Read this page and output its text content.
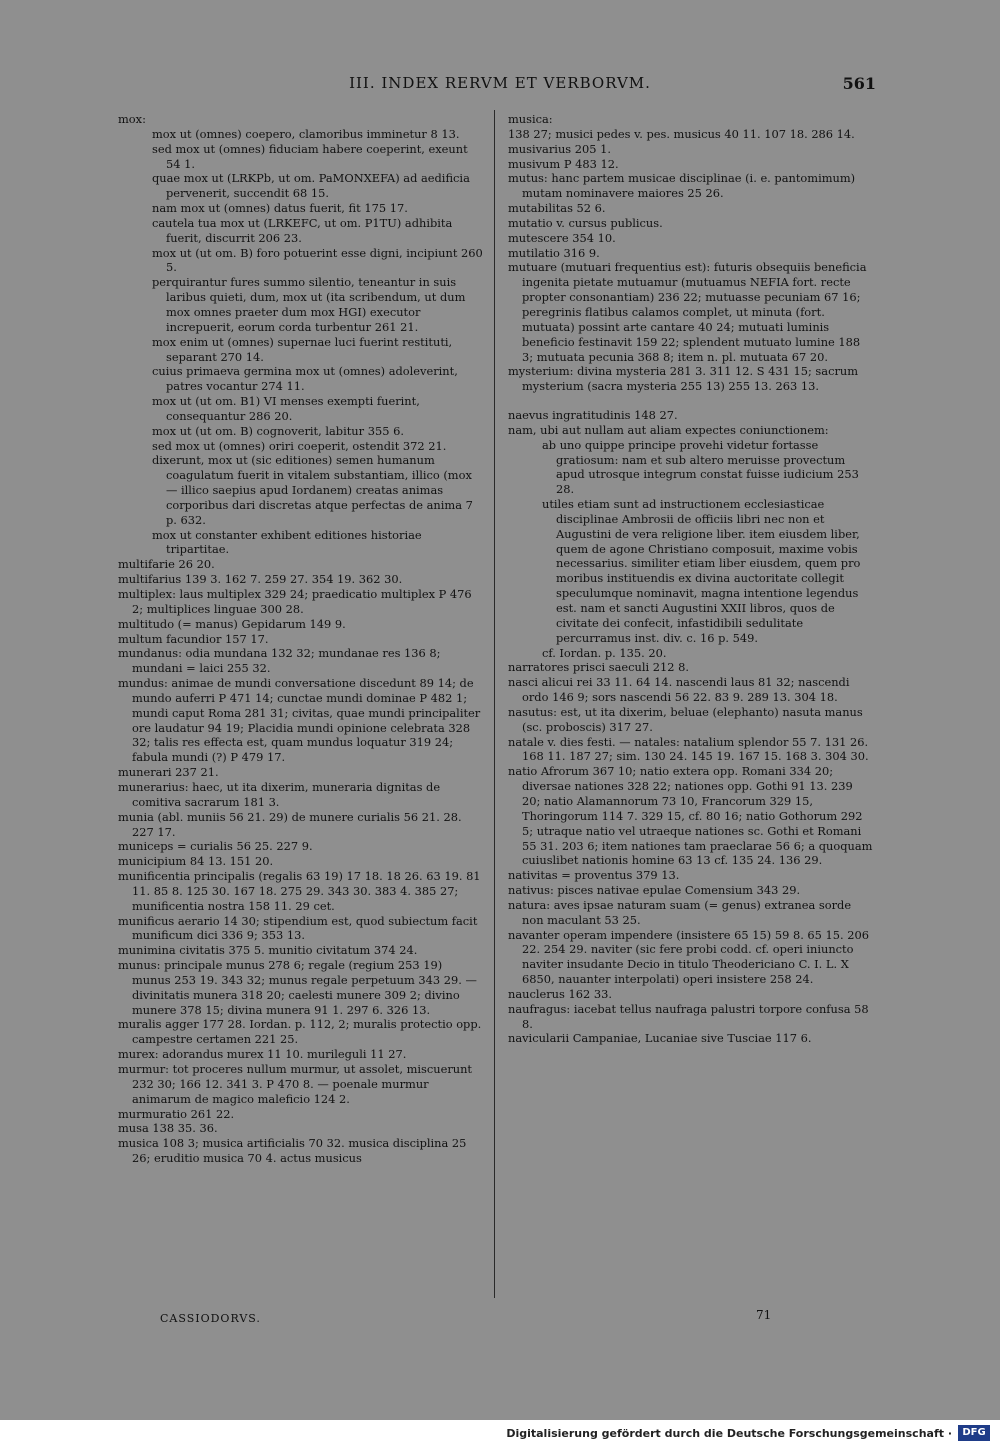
III. INDEX RERVM ET VERBORVM.	561
mox:
mox ut (omnes) coepero, clamoribus imminetur 8 13.
sed mox ut (omnes) fiduciam habere coeperint, exeunt 54 1.
quae mox ut (LRKPb, ut om. PaMONXEFA) ad aedificia pervenerit, succendit 68 15.
nam mox ut (omnes) datus fuerit, fit 175 17.
cautela tua mox ut (LRKEFC, ut om. P1TU) adhibita fuerit, discurrit 206 23.
mox ut (ut om. B) foro potuerint esse digni, incipiunt 260 5.
perquirantur fures summo silentio, teneantur in suis laribus quieti, dum, mox ut (ita scribendum, ut dum mox omnes praeter dum mox HGI) executor increpuerit, eorum corda turbentur 261 21.
mox enim ut (omnes) supernae luci fuerint restituti, separant 270 14.
cuius primaeva germina mox ut (omnes) adoleverint, patres vocantur 274 11.
mox ut (ut om. B1) VI menses exempti fuerint, consequantur 286 20.
mox ut (ut om. B) cognoverit, labitur 355 6.
sed mox ut (omnes) oriri coeperit, ostendit 372 21.
dixerunt, mox ut (sic editiones) semen humanum coagulatum fuerit in vitalem substantiam, illico (mox — illico saepius apud Iordanem) creatas animas corporibus dari discretas atque perfectas de anima 7 p. 632.
mox ut constanter exhibent editiones historiae tripartitae.
multifarie 26 20.
multifarius 139 3. 162 7. 259 27. 354 19. 362 30.
multiplex: laus multiplex 329 24; praedicatio multiplex P 476 2; multiplices linguae 300 28.
multitudo (= manus) Gepidarum 149 9.
multum facundior 157 17.
mundanus: odia mundana 132 32; mundanae res 136 8; mundani = laici 255 32.
mundus: animae de mundi conversatione discedunt 89 14; de mundo auferri P 471 14; cunctae mundi dominae P 482 1; mundi caput Roma 281 31; civitas, quae mundi principaliter ore laudatur 94 19; Placidia mundi opinione celebrata 328 32; talis res effecta est, quam mundus loquatur 319 24; fabula mundi (?) P 479 17.
munerari 237 21.
munerarius: haec, ut ita dixerim, muneraria dignitas de comitiva sacrarum 181 3.
munia (abl. muniis 56 21. 29) de munere curialis 56 21. 28. 227 17.
municeps = curialis 56 25. 227 9.
municipium 84 13. 151 20.
munificentia principalis (regalis 63 19) 17 18. 18 26. 63 19. 81 11. 85 8. 125 30. 167 18. 275 29. 343 30. 383 4. 385 27; munificentia nostra 158 11. 29 cet.
munificus aerario 14 30; stipendium est, quod subiectum facit munificum dici 336 9; 353 13.
munimina civitatis 375 5. munitio civitatum 374 24.
munus: principale munus 278 6; regale (regium 253 19) munus 253 19. 343 32; munus regale perpetuum 343 29. — divinitatis munera 318 20; caelesti munere 309 2; divino munere 378 15; divina munera 91 1. 297 6. 326 13.
muralis agger 177 28. Iordan. p. 112, 2; muralis protectio opp. campestre certamen 221 25.
murex: adorandus murex 11 10. murileguli 11 27.
murmur: tot proceres nullum murmur, ut assolet, miscuerunt 232 30; 166 12. 341 3. P 470 8. — poenale murmur animarum de magico maleficio 124 2.
murmuratio 261 22.
musa 138 35. 36.
musica 108 3; musica artificialis 70 32. musica disciplina 25 26; eruditio musica 70 4. actus musicus
musica:
138 27; musici pedes v. pes. musicus 40 11. 107 18. 286 14.
musivarius 205 1.
musivum P 483 12.
mutus: hanc partem musicae disciplinae (i. e. pantomimum) mutam nominavere maiores 25 26.
mutabilitas 52 6.
mutatio v. cursus publicus.
mutescere 354 10.
mutilatio 316 9.
mutuare (mutuari frequentius est): futuris obsequiis beneficia ingenita pietate mutuamur (mutuamus NEFIA fort. recte propter consonantiam) 236 22; mutuasse pecuniam 67 16; peregrinis flatibus calamos complet, ut minuta (fort. mutuata) possint arte cantare 40 24; mutuati luminis beneficio festinavit 159 22; splendent mutuato lumine 188 3; mutuata pecunia 368 8; item n. pl. mutuata 67 20.
mysterium: divina mysteria 281 3. 311 12. S 431 15; sacrum mysterium (sacra mysteria 255 13) 255 13. 263 13.
naevus ingratitudinis 148 27.
nam, ubi aut nullam aut aliam expectes coniunctionem:
ab uno quippe principe provehi videtur fortasse gratiosum: nam et sub altero meruisse provectum apud utrosque integrum constat fuisse iudicium 253 28.
utiles etiam sunt ad instructionem ecclesiasticae disciplinae Ambrosii de officiis libri nec non et Augustini de vera religione liber. item eiusdem liber, quem de agone Christiano composuit, maxime vobis necessarius. similiter etiam liber eiusdem, quem pro moribus instituendis ex divina auctoritate collegit speculumque nominavit, magna intentione legendus est. nam et sancti Augustini XXII libros, quos de civitate dei confecit, infastidibili sedulitate percurramus inst. div. c. 16 p. 549.
cf. Iordan. p. 135. 20.
narratores prisci saeculi 212 8.
nasci alicui rei 33 11. 64 14. nascendi laus 81 32; nascendi ordo 146 9; sors nascendi 56 22. 83 9. 289 13. 304 18.
nasutus: est, ut ita dixerim, beluae (elephanto) nasuta manus (sc. proboscis) 317 27.
natale v. dies festi. — natales: natalium splendor 55 7. 131 26. 168 11. 187 27; sim. 130 24. 145 19. 167 15. 168 3. 304 30.
natio Afrorum 367 10; natio extera opp. Romani 334 20; diversae nationes 328 22; nationes opp. Gothi 91 13. 239 20; natio Alamannorum 73 10, Francorum 329 15, Thoringorum 114 7. 329 15, cf. 80 16; natio Gothorum 292 5; utraque natio vel utraeque nationes sc. Gothi et Romani 55 31. 203 6; item nationes tam praeclarae 56 6; a quoquam cuiuslibet nationis homine 63 13 cf. 135 24. 136 29.
nativitas = proventus 379 13.
nativus: pisces nativae epulae Comensium 343 29.
natura: aves ipsae naturam suam (= genus) extranea sorde non maculant 53 25.
navanter operam impendere (insistere 65 15) 59 8. 65 15. 206 22. 254 29. naviter (sic fere probi codd. cf. operi iniuncto naviter insudante Decio in titulo Theodericiano C. I. L. X 6850, nauanter interpolati) operi insistere 258 24.
nauclerus 162 33.
naufragus: iacebat tellus naufraga palustri torpore confusa 58 8.
navicularii Campaniae, Lucaniae sive Tusciae 117 6.
CASSIODORVS.	71
Digitalisierung gefördert durch die Deutsche Forschungsgemeinschaft ·	DFG
